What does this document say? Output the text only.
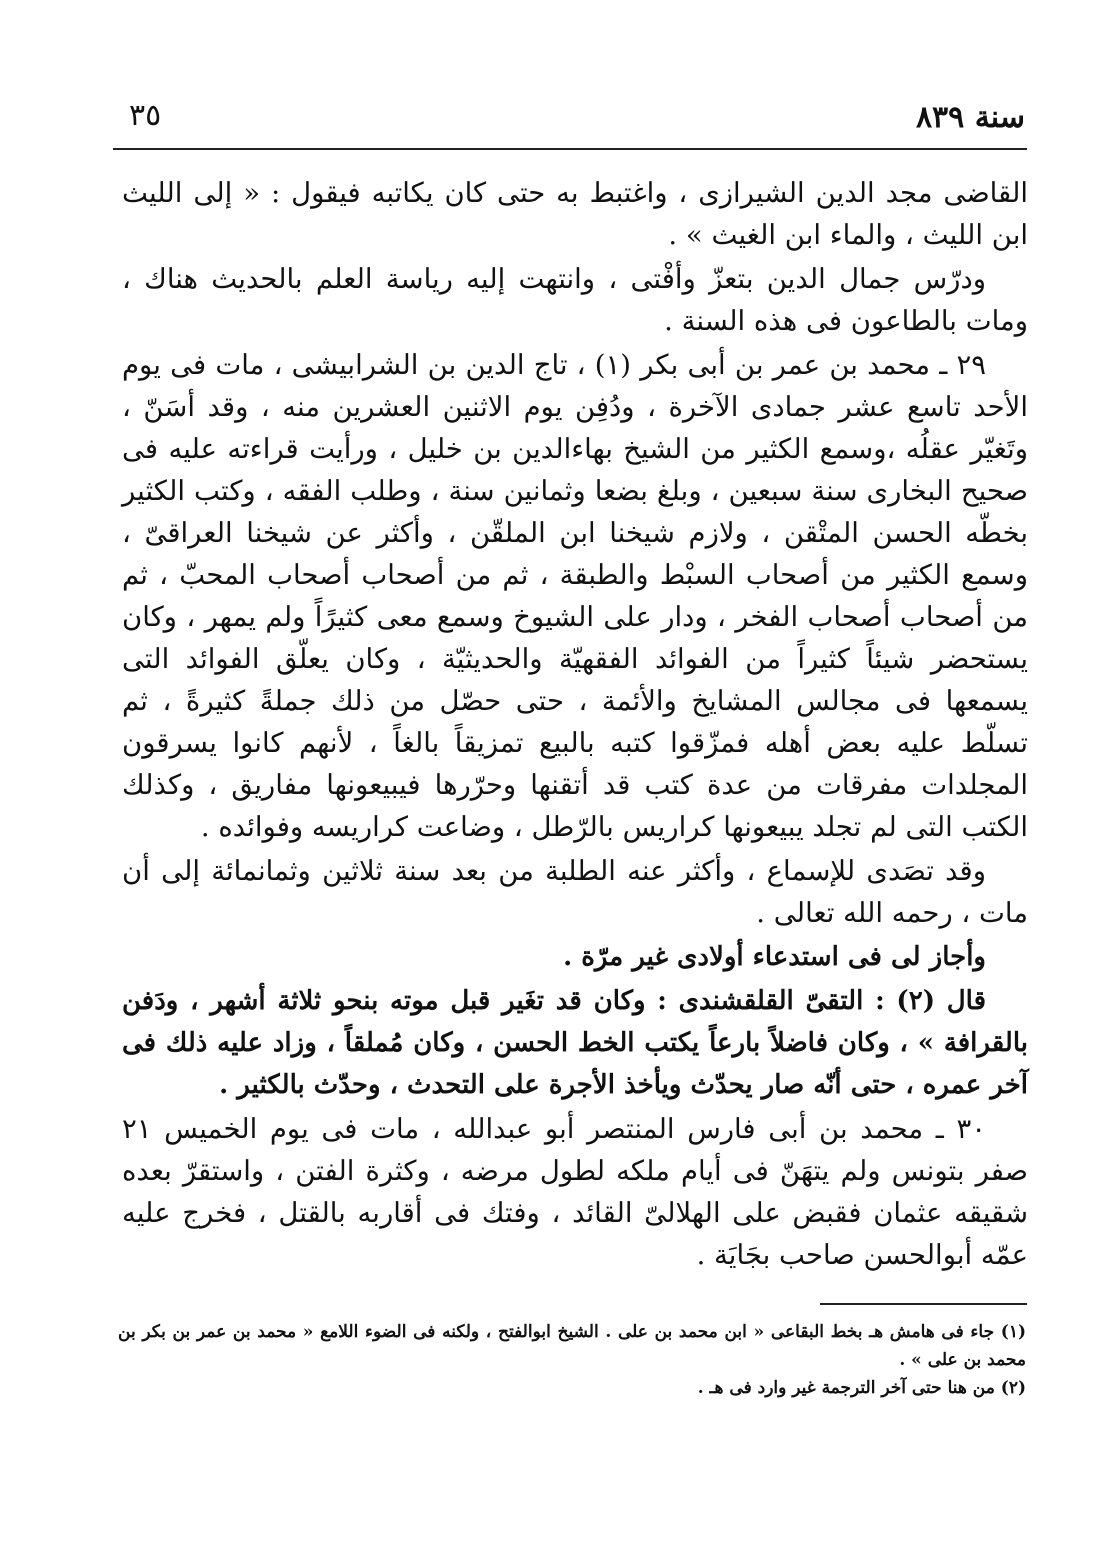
سنة ٨٣٩
٣٥

القاضى مجد الدين الشيرازى ، واغتبط به حتى كان يكاتبه فيقول : « إلى الليث ابن الليث ، والماء ابن الغيث » .

ودرّس جمال الدين بتعزّ وأفْتى ، وانتهت إليه رياسة العلم بالحديث هناك ، ومات بالطاعون فى هذه السنة .

٢٩ ـ محمد بن عمر بن أبى بكر (١) ، تاج الدين بن الشرابيشى ، مات فى يوم الأحد تاسع عشر جمادى الآخرة ، ودُفِن يوم الاثنين العشرين منه ، وقد أسَنّ ، وتَغيّر عقلُه ،وسمع الكثير من الشيخ بهاءالدين بن خليل ، ورأيت قراءته عليه فى صحيح البخارى سنة سبعين ، وبلغ بضعا وثمانين سنة ، وطلب الفقه ، وكتب الكثير بخطّه الحسن المتْقن ، ولازم شيخنا ابن الملقّن ، وأكثر عن شيخنا العراقىّ ، وسمع الكثير من أصحاب السبْط والطبقة ، ثم من أصحاب أصحاب المحبّ ، ثم من أصحاب أصحاب الفخر ، ودار على الشيوخ وسمع معى كثيرًاً ولم يمهر ، وكان يستحضر شيئاً كثيراً من الفوائد الفقهيّة والحديثيّة ، وكان يعلّق الفوائد التى يسمعها فى مجالس المشايخ والأئمة ، حتى حصّل من ذلك جملةً كثيرةً ، ثم تسلّط عليه بعض أهله فمزّقوا كتبه بالبيع تمزيقاً بالغاً ، لأنهم كانوا يسرقون المجلدات مفرقات من عدة كتب قد أتقنها وحرّرها فيبيعونها مفاريق ، وكذلك الكتب التى لم تجلد يبيعونها كراريس بالرّطل ، وضاعت كراريسه وفوائده .

وقد تصَدى للإسماع ، وأكثر عنه الطلبة من بعد سنة ثلاثين وثمانمائة إلى أن مات ، رحمه الله تعالى .

وأجاز لى فى استدعاء أولادى غير مرّة .

قال (٢) : التقىّ القلقشندى : وكان قد تغَير قبل موته بنحو ثلاثة أشهر ، ودَفن بالقرافة » ، وكان فاضلاً بارعاً يكتب الخط الحسن ، وكان مُملقاً ، وزاد عليه ذلك فى آخر عمره ، حتى أنّه صار يحدّث ويأخذ الأجرة على التحدث ، وحدّث بالكثير .

٣٠ ـ محمد بن أبى فارس المنتصر أبو عبدالله ، مات فى يوم الخميس ٢١ صفر بتونس ولم يتهَنّ فى أيام ملكه لطول مرضه ، وكثرة الفتن ، واستقرّ بعده شقيقه عثمان فقبض على الهلالىّ القائد ، وفتك فى أقاربه بالقتل ، فخرج عليه عمّه أبوالحسن صاحب بجَايَة .

(١) جاء فى هامش هـ بخط البقاعى « ابن محمد بن على . الشيخ ابوالفتح ، ولكنه فى الضوء اللامع « محمد بن عمر بن بكر بن محمد بن على » .

(٢) من هنا حتى آخر الترجمة غير وارد فى هـ .
